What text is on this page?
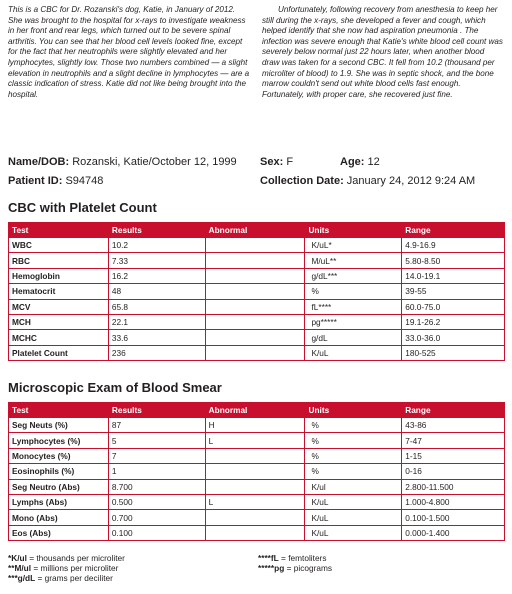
This is a CBC for Dr. Rozanski's dog, Katie, in January of 2012. She was brought to the hospital for x-rays to investigate weakness in her front and rear legs, which turned out to be severe spinal arthritis. You can see that her blood cell levels looked fine, except for the fact that her neutrophils were slightly elevated and her lymphocytes, slightly low. Those two numbers combined — a slight elevation in neutrophils and a slight decline in lymphocytes — are a classic indication of stress. Katie did not like being brought into the hospital.

Unfortunately, following recovery from anesthesia to keep her still during the x-rays, she developed a fever and cough, which helped identify that she now had aspiration pneumonia . The infection was severe enough that Katie's white blood cell count was severely below normal just 22 hours later, when another blood draw was taken for a second CBC. It fell from 10.2 (thousand per microliter of blood) to 1.9. She was in septic shock, and the bone marrow couldn't send out white blood cells fast enough. Fortunately, with proper care, she recovered just fine.

Name/DOB: Rozanski, Katie/October 12, 1999	Sex: F	Age: 12
Patient ID: S94748	Collection Date: January 24, 2012 9:24 AM
CBC with Platelet Count
Test	Results	Abnormal	Units	Range
WBC	10.2		K/uL*	4.9-16.9
RBC	7.33		M/uL**	5.80-8.50
Hemoglobin	16.2		g/dL***	14.0-19.1
Hematocrit	48		%	39-55
MCV	65.8		fL****	60.0-75.0
MCH	22.1		pg*****	19.1-26.2
MCHC	33.6		g/dL	33.0-36.0
Platelet Count	236		K/uL	180-525
Microscopic Exam of Blood Smear
Test	Results	Abnormal	Units	Range
Seg Neuts (%)	87	H	%	43-86
Lymphocytes (%)	5	L	%	7-47
Monocytes (%)	7		%	1-15
Eosinophils (%)	1		%	0-16
Seg Neutro (Abs)	8.700		K/ul	2.800-11.500
Lymphs (Abs)	0.500	L	K/uL	1.000-4.800
Mono (Abs)	0.700		K/uL	0.100-1.500
Eos (Abs)	0.100		K/uL	0.000-1.400
*K/ul = thousands per microliter
**M/ul = millions per microliter
***g/dL = grams per deciliter
****fL = femtoliters
*****pg = picograms
